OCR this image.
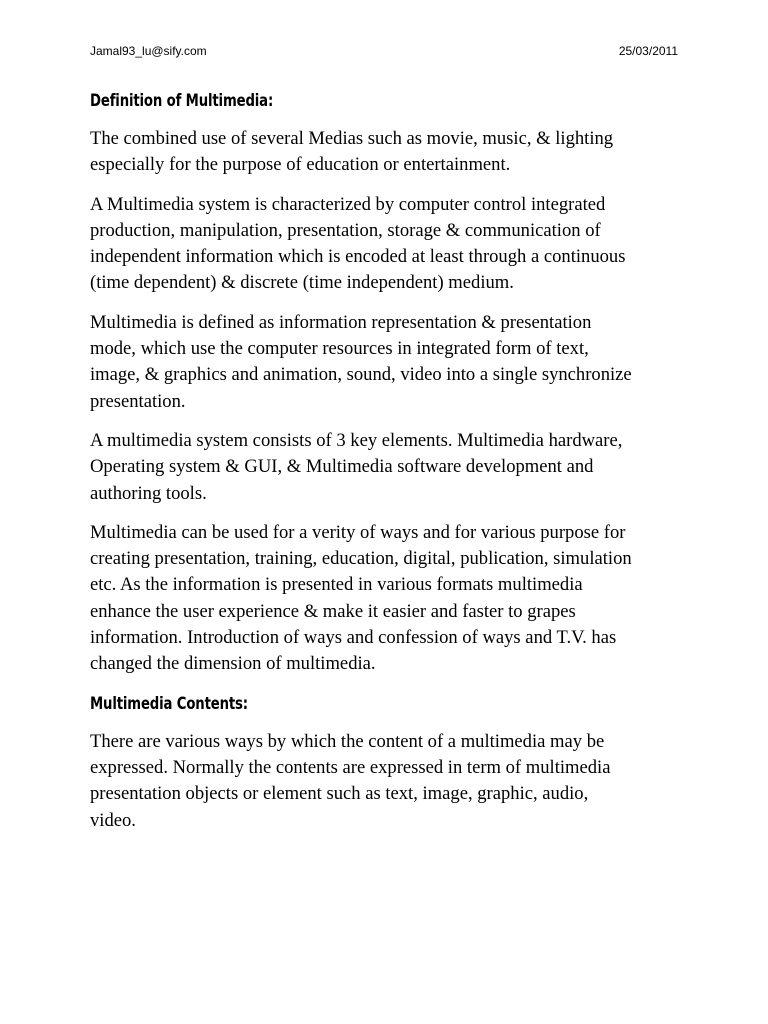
Jamal93_lu@sify.com	25/03/2011
Definition of Multimedia:

The combined use of several Medias such as movie, music, & lighting
especially for the purpose of education or entertainment.

A Multimedia system is characterized by computer control integrated
production, manipulation, presentation, storage & communication of
independent information which is encoded at least through a continuous
(time dependent) & discrete (time independent) medium.

Multimedia is defined as information representation & presentation
mode, which use the computer resources in integrated form of text,
image, & graphics and animation, sound, video into a single synchronize
presentation.

A multimedia system consists of 3 key elements. Multimedia hardware,
Operating system & GUI, & Multimedia software development and
authoring tools.

Multimedia can be used for a verity of ways and for various purpose for
creating presentation, training, education, digital, publication, simulation
etc. As the information is presented in various formats multimedia
enhance the user experience & make it easier and faster to grapes
information. Introduction of ways and confession of ways and T.V. has
changed the dimension of multimedia.

Multimedia Contents:

There are various ways by which the content of a multimedia may be
expressed. Normally the contents are expressed in term of multimedia
presentation objects or element such as text, image, graphic, audio,
video.
